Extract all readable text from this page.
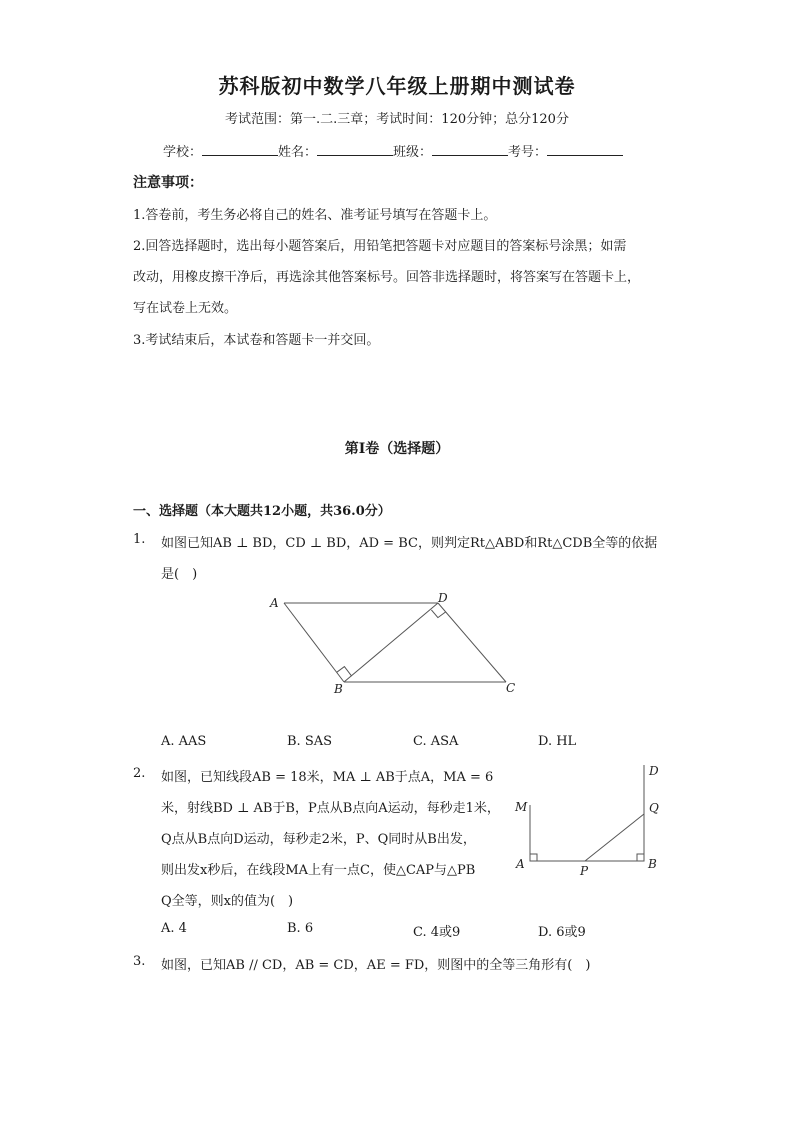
苏科版初中数学八年级上册期中测试卷
考试范围：第一.二.三章；考试时间：120分钟；总分120分
学校：	姓名：	班级：	考号：
注意事项：
1.答卷前，考生务必将自己的姓名、准考证号填写在答题卡上。
2.回答选择题时，选出每小题答案后，用铅笔把答题卡对应题目的答案标号涂黑；如需
改动，用橡皮擦干净后，再选涂其他答案标号。回答非选择题时，将答案写在答题卡上，
写在试卷上无效。
3.考试结束后，本试卷和答题卡一并交回。
第Ⅰ卷（选择题）
一、选择题（本大题共12小题，共36.0分）
1. 如图已知AB ⊥ BD，CD ⊥ BD，AD = BC，则判定Rt△ABD和Rt△CDB全等的依据
是(　)
A
B	C
D
A. AAS	B. SAS	C. ASA	D. HL
2. 如图，已知线段AB = 18米，MA ⊥ AB于点A，MA = 6
米，射线BD ⊥ AB于B，P点从B点向A运动，每秒走1米，
Q点从B点向D运动，每秒走2米，P、Q同时从B出发，
则出发x秒后，在线段MA上有一点C，使△CAP与△PB
Q全等，则x的值为(　)
M
A	P	B
Q
D
A. 4	B. 6	C. 4或9	D. 6或9
3. 如图，已知AB // CD，AB = CD，AE = FD，则图中的全等三角形有(　)
